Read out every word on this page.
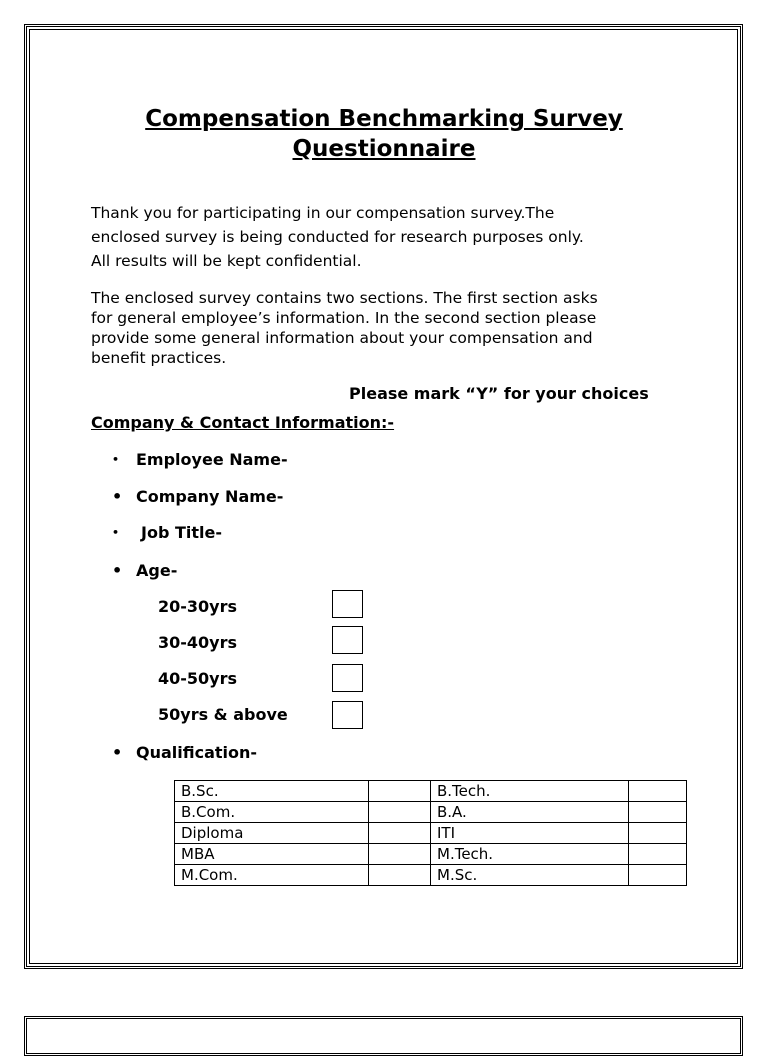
Compensation Benchmarking Survey
Questionnaire
Thank you for participating in our compensation survey.The
enclosed survey is being conducted for research purposes only.
All results will be kept confidential.
The enclosed survey contains two sections. The first section asks
for general employee’s information. In the second section please
provide some general information about your compensation and
benefit practices.
Please mark “Y” for your choices
Company & Contact Information:-
• Employee Name-
• Company Name-
• Job Title-
• Age-
20-30yrs
30-40yrs
40-50yrs
50yrs & above
• Qualification-
B.Sc.		B.Tech.	
B.Com.		B.A.	
Diploma		ITI	
MBA		M.Tech.	
M.Com.		M.Sc.	
